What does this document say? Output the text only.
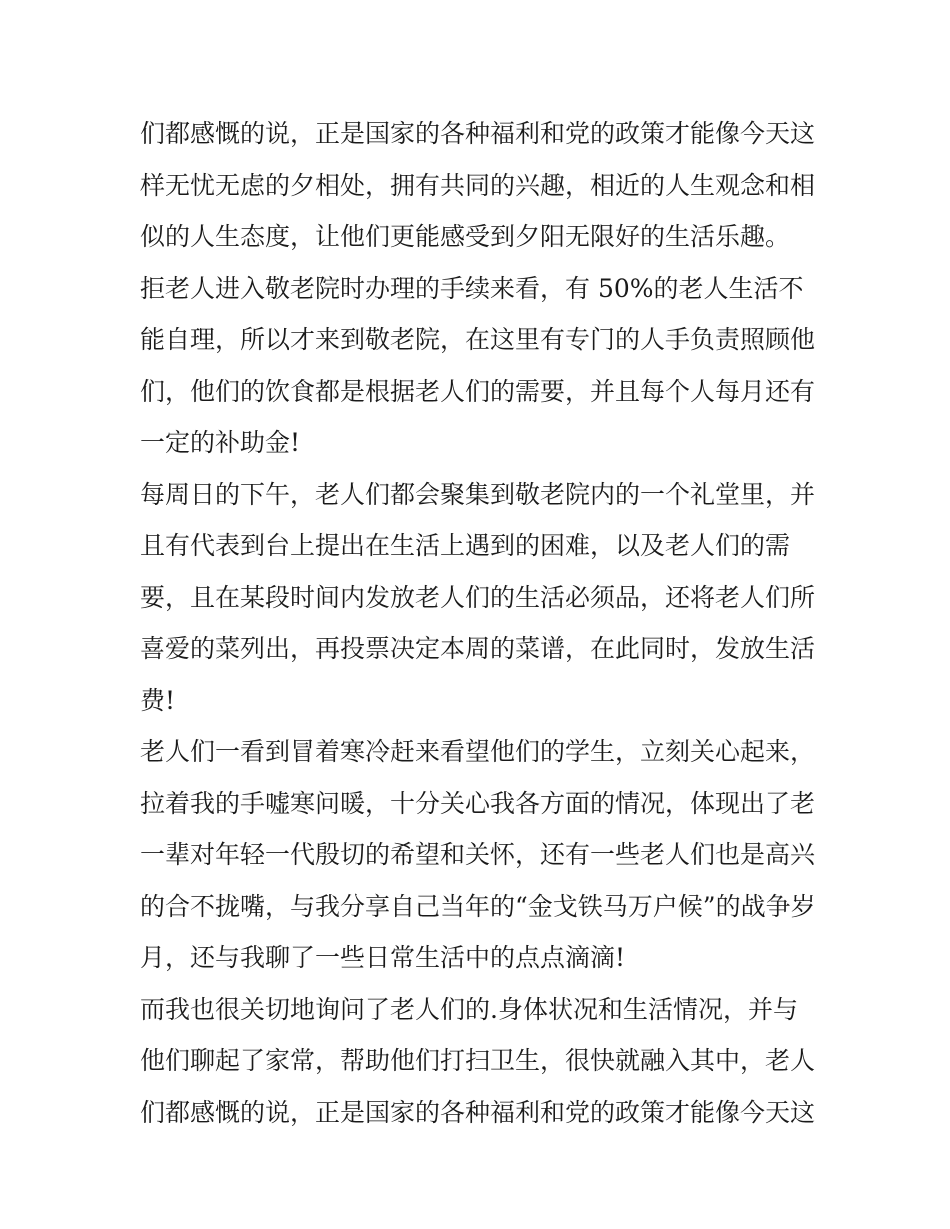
们都感慨的说，正是国家的各种福利和党的政策才能像今天这
样无忧无虑的夕相处，拥有共同的兴趣，相近的人生观念和相
似的人生态度，让他们更能感受到夕阳无限好的生活乐趣。
拒老人进入敬老院时办理的手续来看，有 50%的老人生活不
能自理，所以才来到敬老院，在这里有专门的人手负责照顾他
们，他们的饮食都是根据老人们的需要，并且每个人每月还有
一定的补助金!
每周日的下午，老人们都会聚集到敬老院内的一个礼堂里，并
且有代表到台上提出在生活上遇到的困难，以及老人们的需
要，且在某段时间内发放老人们的生活必须品，还将老人们所
喜爱的菜列出，再投票决定本周的菜谱，在此同时，发放生活
费!
老人们一看到冒着寒冷赶来看望他们的学生，立刻关心起来，
拉着我的手嘘寒问暖，十分关心我各方面的情况，体现出了老
一辈对年轻一代殷切的希望和关怀，还有一些老人们也是高兴
的合不拢嘴，与我分享自己当年的“金戈铁马万户候”的战争岁
月，还与我聊了一些日常生活中的点点滴滴!
而我也很关切地询问了老人们的.身体状况和生活情况，并与
他们聊起了家常，帮助他们打扫卫生，很快就融入其中，老人
们都感慨的说，正是国家的各种福利和党的政策才能像今天这
